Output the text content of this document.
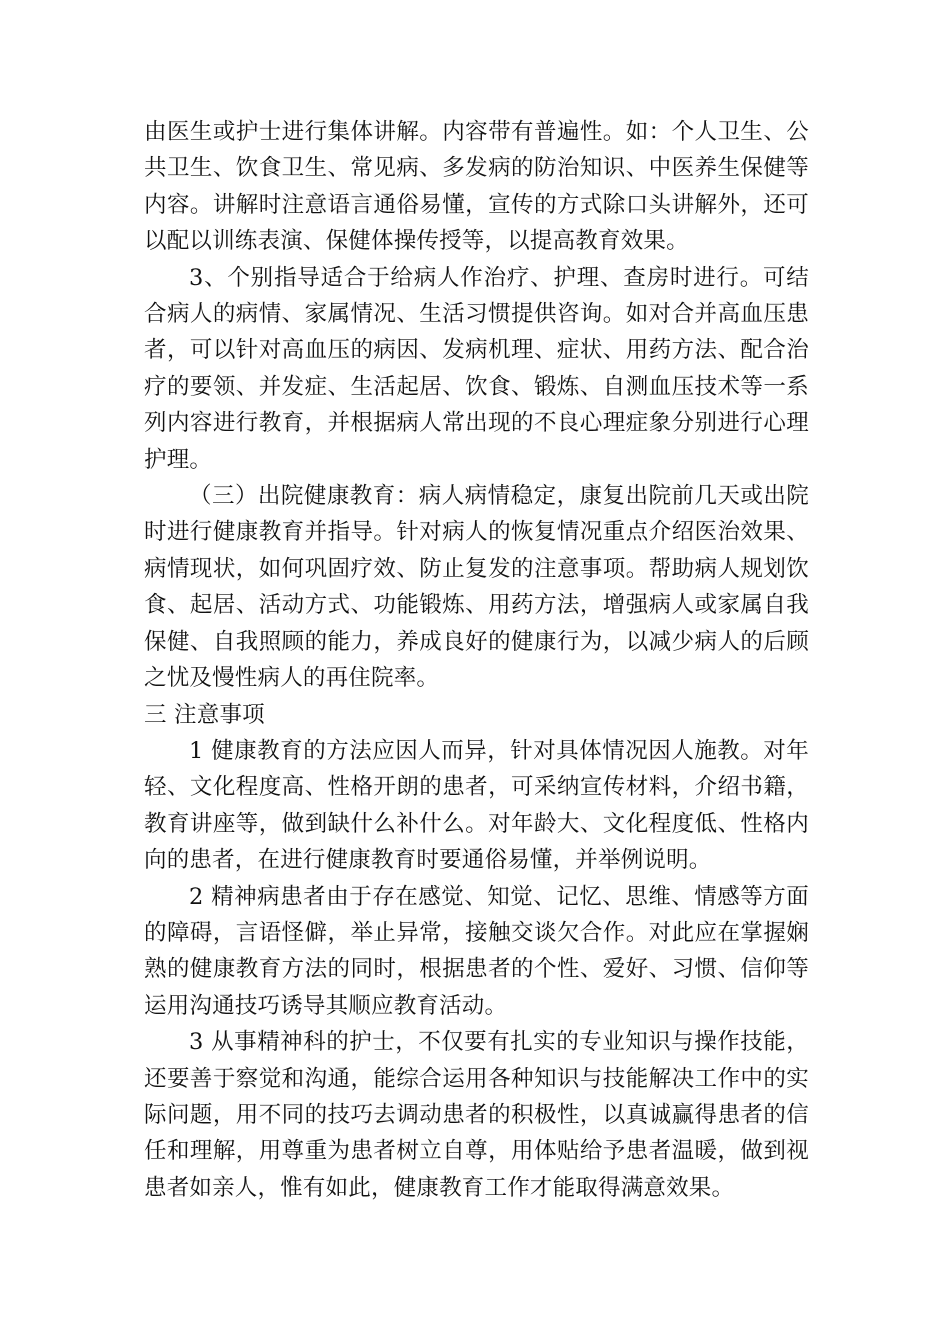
由医生或护士进行集体讲解。内容带有普遍性。如：个人卫生、公共卫生、饮食卫生、常见病、多发病的防治知识、中医养生保健等内容。讲解时注意语言通俗易懂，宣传的方式除口头讲解外，还可以配以训练表演、保健体操传授等，以提高教育效果。

3、个别指导适合于给病人作治疗、护理、查房时进行。可结合病人的病情、家属情况、生活习惯提供咨询。如对合并高血压患者，可以针对高血压的病因、发病机理、症状、用药方法、配合治疗的要领、并发症、生活起居、饮食、锻炼、自测血压技术等一系列内容进行教育，并根据病人常出现的不良心理症象分别进行心理护理。

（三）出院健康教育：病人病情稳定，康复出院前几天或出院时进行健康教育并指导。针对病人的恢复情况重点介绍医治效果、病情现状，如何巩固疗效、防止复发的注意事项。帮助病人规划饮食、起居、活动方式、功能锻炼、用药方法，增强病人或家属自我保健、自我照顾的能力，养成良好的健康行为，以减少病人的后顾之忧及慢性病人的再住院率。

三 注意事项

1 健康教育的方法应因人而异，针对具体情况因人施教。对年轻、文化程度高、性格开朗的患者，可采纳宣传材料，介绍书籍，教育讲座等，做到缺什么补什么。对年龄大、文化程度低、性格内向的患者，在进行健康教育时要通俗易懂，并举例说明。

2 精神病患者由于存在感觉、知觉、记忆、思维、情感等方面的障碍，言语怪僻，举止异常，接触交谈欠合作。对此应在掌握娴熟的健康教育方法的同时，根据患者的个性、爱好、习惯、信仰等运用沟通技巧诱导其顺应教育活动。

3 从事精神科的护士，不仅要有扎实的专业知识与操作技能，还要善于察觉和沟通，能综合运用各种知识与技能解决工作中的实际问题，用不同的技巧去调动患者的积极性，以真诚赢得患者的信任和理解，用尊重为患者树立自尊，用体贴给予患者温暖，做到视患者如亲人，惟有如此，健康教育工作才能取得满意效果。
